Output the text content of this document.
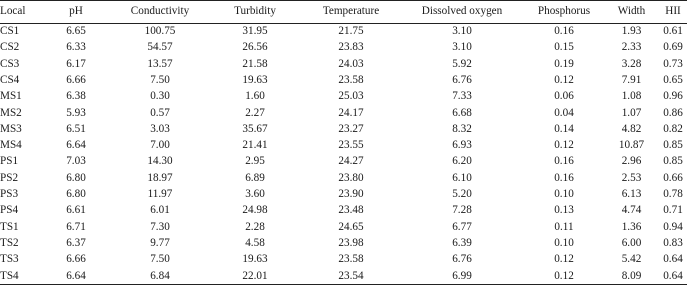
Local	pH	Conductivity	Turbidity	Temperature	Dissolved oxygen	Phosphorus	Width	HII
CS1	6.65	100.75	31.95	21.75	3.10	0.16	1.93	0.61
CS2	6.33	54.57	26.56	23.83	3.10	0.15	2.33	0.69
CS3	6.17	13.57	21.58	24.03	5.92	0.19	3.28	0.73
CS4	6.66	7.50	19.63	23.58	6.76	0.12	7.91	0.65
MS1	6.38	0.30	1.60	25.03	7.33	0.06	1.08	0.96
MS2	5.93	0.57	2.27	24.17	6.68	0.04	1.07	0.86
MS3	6.51	3.03	35.67	23.27	8.32	0.14	4.82	0.82
MS4	6.64	7.00	21.41	23.55	6.93	0.12	10.87	0.85
PS1	7.03	14.30	2.95	24.27	6.20	0.16	2.96	0.85
PS2	6.80	18.97	6.89	23.80	6.10	0.16	2.53	0.66
PS3	6.80	11.97	3.60	23.90	5.20	0.10	6.13	0.78
PS4	6.61	6.01	24.98	23.48	7.28	0.13	4.74	0.71
TS1	6.71	7.30	2.28	24.65	6.77	0.11	1.36	0.94
TS2	6.37	9.77	4.58	23.98	6.39	0.10	6.00	0.83
TS3	6.66	7.50	19.63	23.58	6.76	0.12	5.42	0.64
TS4	6.64	6.84	22.01	23.54	6.99	0.12	8.09	0.64
